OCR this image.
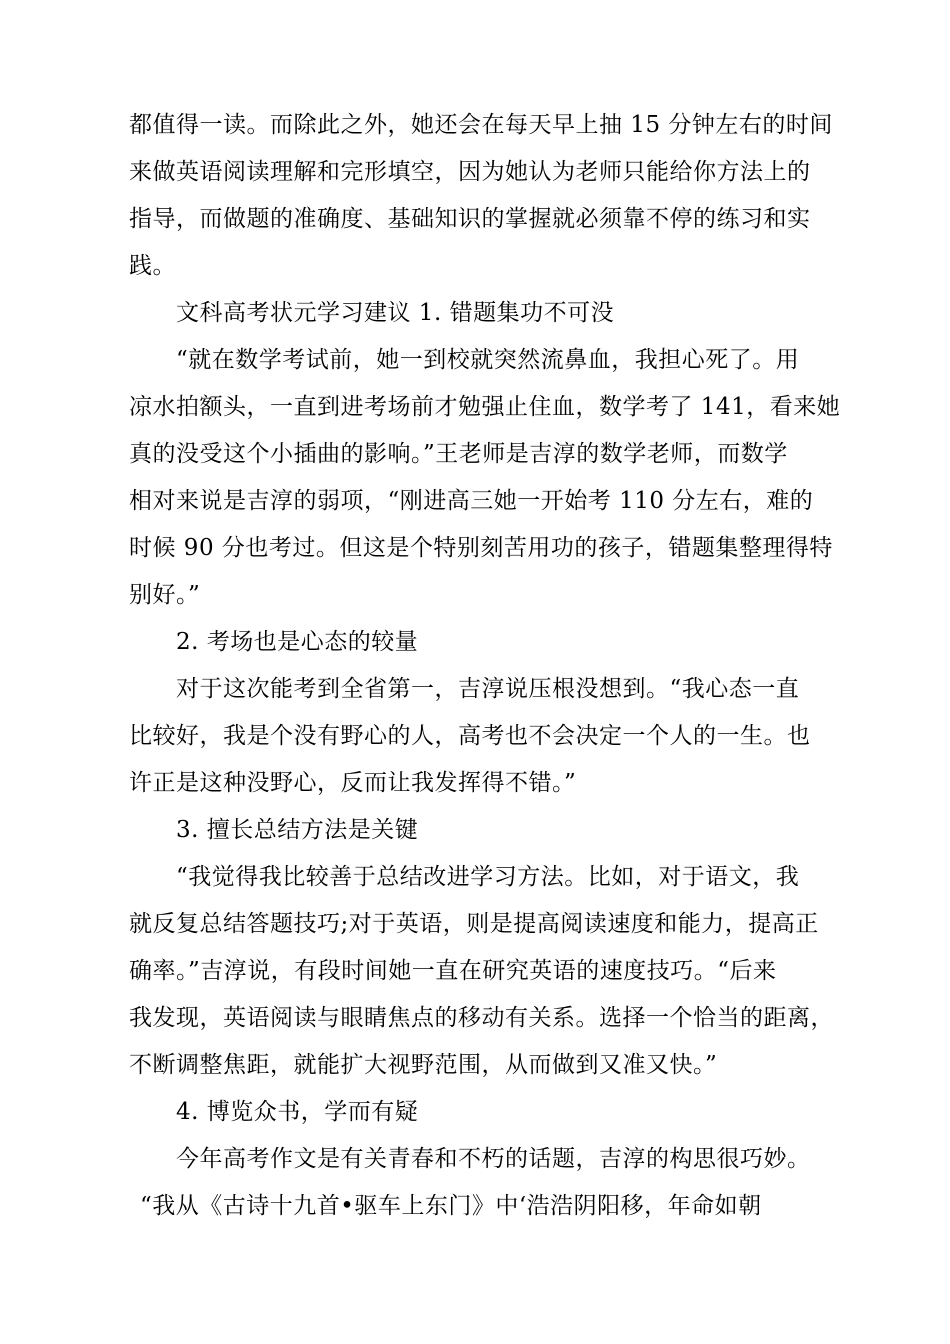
都值得一读。而除此之外，她还会在每天早上抽 15 分钟左右的时间
来做英语阅读理解和完形填空，因为她认为老师只能给你方法上的
指导，而做题的准确度、基础知识的掌握就必须靠不停的练习和实
践。
文科高考状元学习建议 1. 错题集功不可没
“就在数学考试前，她一到校就突然流鼻血，我担心死了。用
凉水拍额头，一直到进考场前才勉强止住血，数学考了 141，看来她
真的没受这个小插曲的影响。”王老师是吉淳的数学老师，而数学
相对来说是吉淳的弱项，“刚进高三她一开始考 110 分左右，难的
时候 90 分也考过。但这是个特别刻苦用功的孩子，错题集整理得特
别好。”
2. 考场也是心态的较量
对于这次能考到全省第一，吉淳说压根没想到。“我心态一直
比较好，我是个没有野心的人，高考也不会决定一个人的一生。也
许正是这种没野心，反而让我发挥得不错。”
3. 擅长总结方法是关键
“我觉得我比较善于总结改进学习方法。比如，对于语文，我
就反复总结答题技巧;对于英语，则是提高阅读速度和能力，提高正
确率。”吉淳说，有段时间她一直在研究英语的速度技巧。“后来
我发现，英语阅读与眼睛焦点的移动有关系。选择一个恰当的距离，
不断调整焦距，就能扩大视野范围，从而做到又准又快。”
4. 博览众书，学而有疑
今年高考作文是有关青春和不朽的话题，吉淳的构思很巧妙。
“我从《古诗十九首•驱车上东门》中‘浩浩阴阳移，年命如朝
